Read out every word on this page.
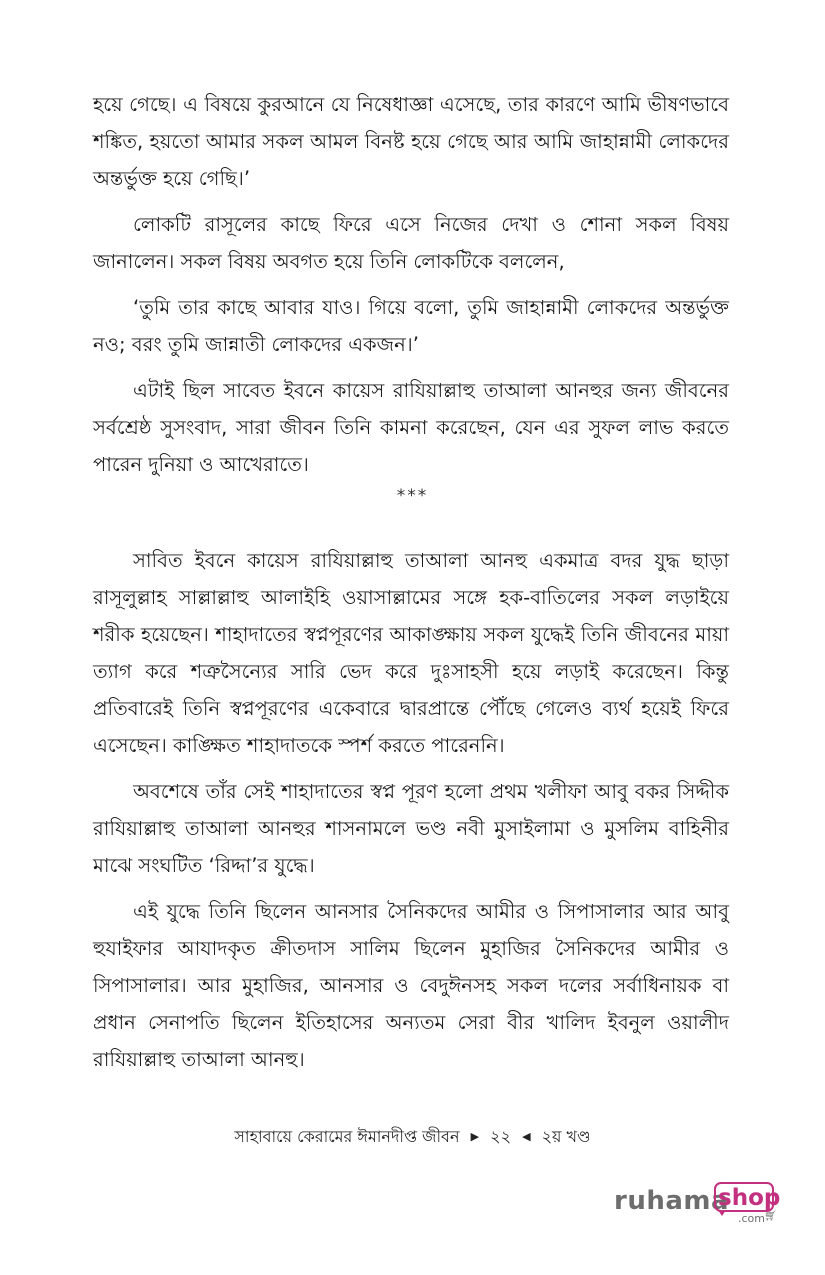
হয়ে গেছে। এ বিষয়ে কুরআনে যে নিষেধাজ্ঞা এসেছে, তার কারণে আমি ভীষণভাবে শঙ্কিত, হয়তো আমার সকল আমল বিনষ্ট হয়ে গেছে আর আমি জাহান্নামী লোকদের অন্তর্ভুক্ত হয়ে গেছি।’

লোকটি রাসূলের কাছে ফিরে এসে নিজের দেখা ও শোনা সকল বিষয় জানালেন। সকল বিষয় অবগত হয়ে তিনি লোকটিকে বললেন,

‘তুমি তার কাছে আবার যাও। গিয়ে বলো, তুমি জাহান্নামী লোকদের অন্তর্ভুক্ত নও; বরং তুমি জান্নাতী লোকদের একজন।’

এটাই ছিল সাবেত ইবনে কায়েস রাযিয়াল্লাহু তাআলা আনহুর জন্য জীবনের সর্বশ্রেষ্ঠ সুসংবাদ, সারা জীবন তিনি কামনা করেছেন, যেন এর সুফল লাভ করতে পারেন দুনিয়া ও আখেরাতে।

***

সাবিত ইবনে কায়েস রাযিয়াল্লাহু তাআলা আনহু একমাত্র বদর যুদ্ধ ছাড়া রাসূলুল্লাহ সাল্লাল্লাহু আলাইহি ওয়াসাল্লামের সঙ্গে হক-বাতিলের সকল লড়াইয়ে শরীক হয়েছেন। শাহাদাতের স্বপ্নপূরণের আকাঙ্ক্ষায় সকল যুদ্ধেই তিনি জীবনের মায়া ত্যাগ করে শত্রুসৈন্যের সারি ভেদ করে দুঃসাহসী হয়ে লড়াই করেছেন। কিন্তু প্রতিবারেই তিনি স্বপ্নপূরণের একেবারে দ্বারপ্রান্তে পৌঁছে গেলেও ব্যর্থ হয়েই ফিরে এসেছেন। কাঙ্ক্ষিত শাহাদাতকে স্পর্শ করতে পারেননি।

অবশেষে তাঁর সেই শাহাদাতের স্বপ্ন পূরণ হলো প্রথম খলীফা আবু বকর সিদ্দীক রাযিয়াল্লাহু তাআলা আনহুর শাসনামলে ভণ্ড নবী মুসাইলামা ও মুসলিম বাহিনীর মাঝে সংঘটিত ‘রিদ্দা’র যুদ্ধে।

এই যুদ্ধে তিনি ছিলেন আনসার সৈনিকদের আমীর ও সিপাসালার আর আবু হুযাইফার আযাদকৃত ক্রীতদাস সালিম ছিলেন মুহাজির সৈনিকদের আমীর ও সিপাসালার। আর মুহাজির, আনসার ও বেদুঈনসহ সকল দলের সর্বাধিনায়ক বা প্রধান সেনাপতি ছিলেন ইতিহাসের অন্যতম সেরা বীর খালিদ ইবনুল ওয়ালীদ রাযিয়াল্লাহু তাআলা আনহু।

সাহাবায়ে কেরামের ঈমানদীপ্ত জীবন ▶ ২২ ◀ ২য় খণ্ড
ruhama
shop
.com 🛒︎
